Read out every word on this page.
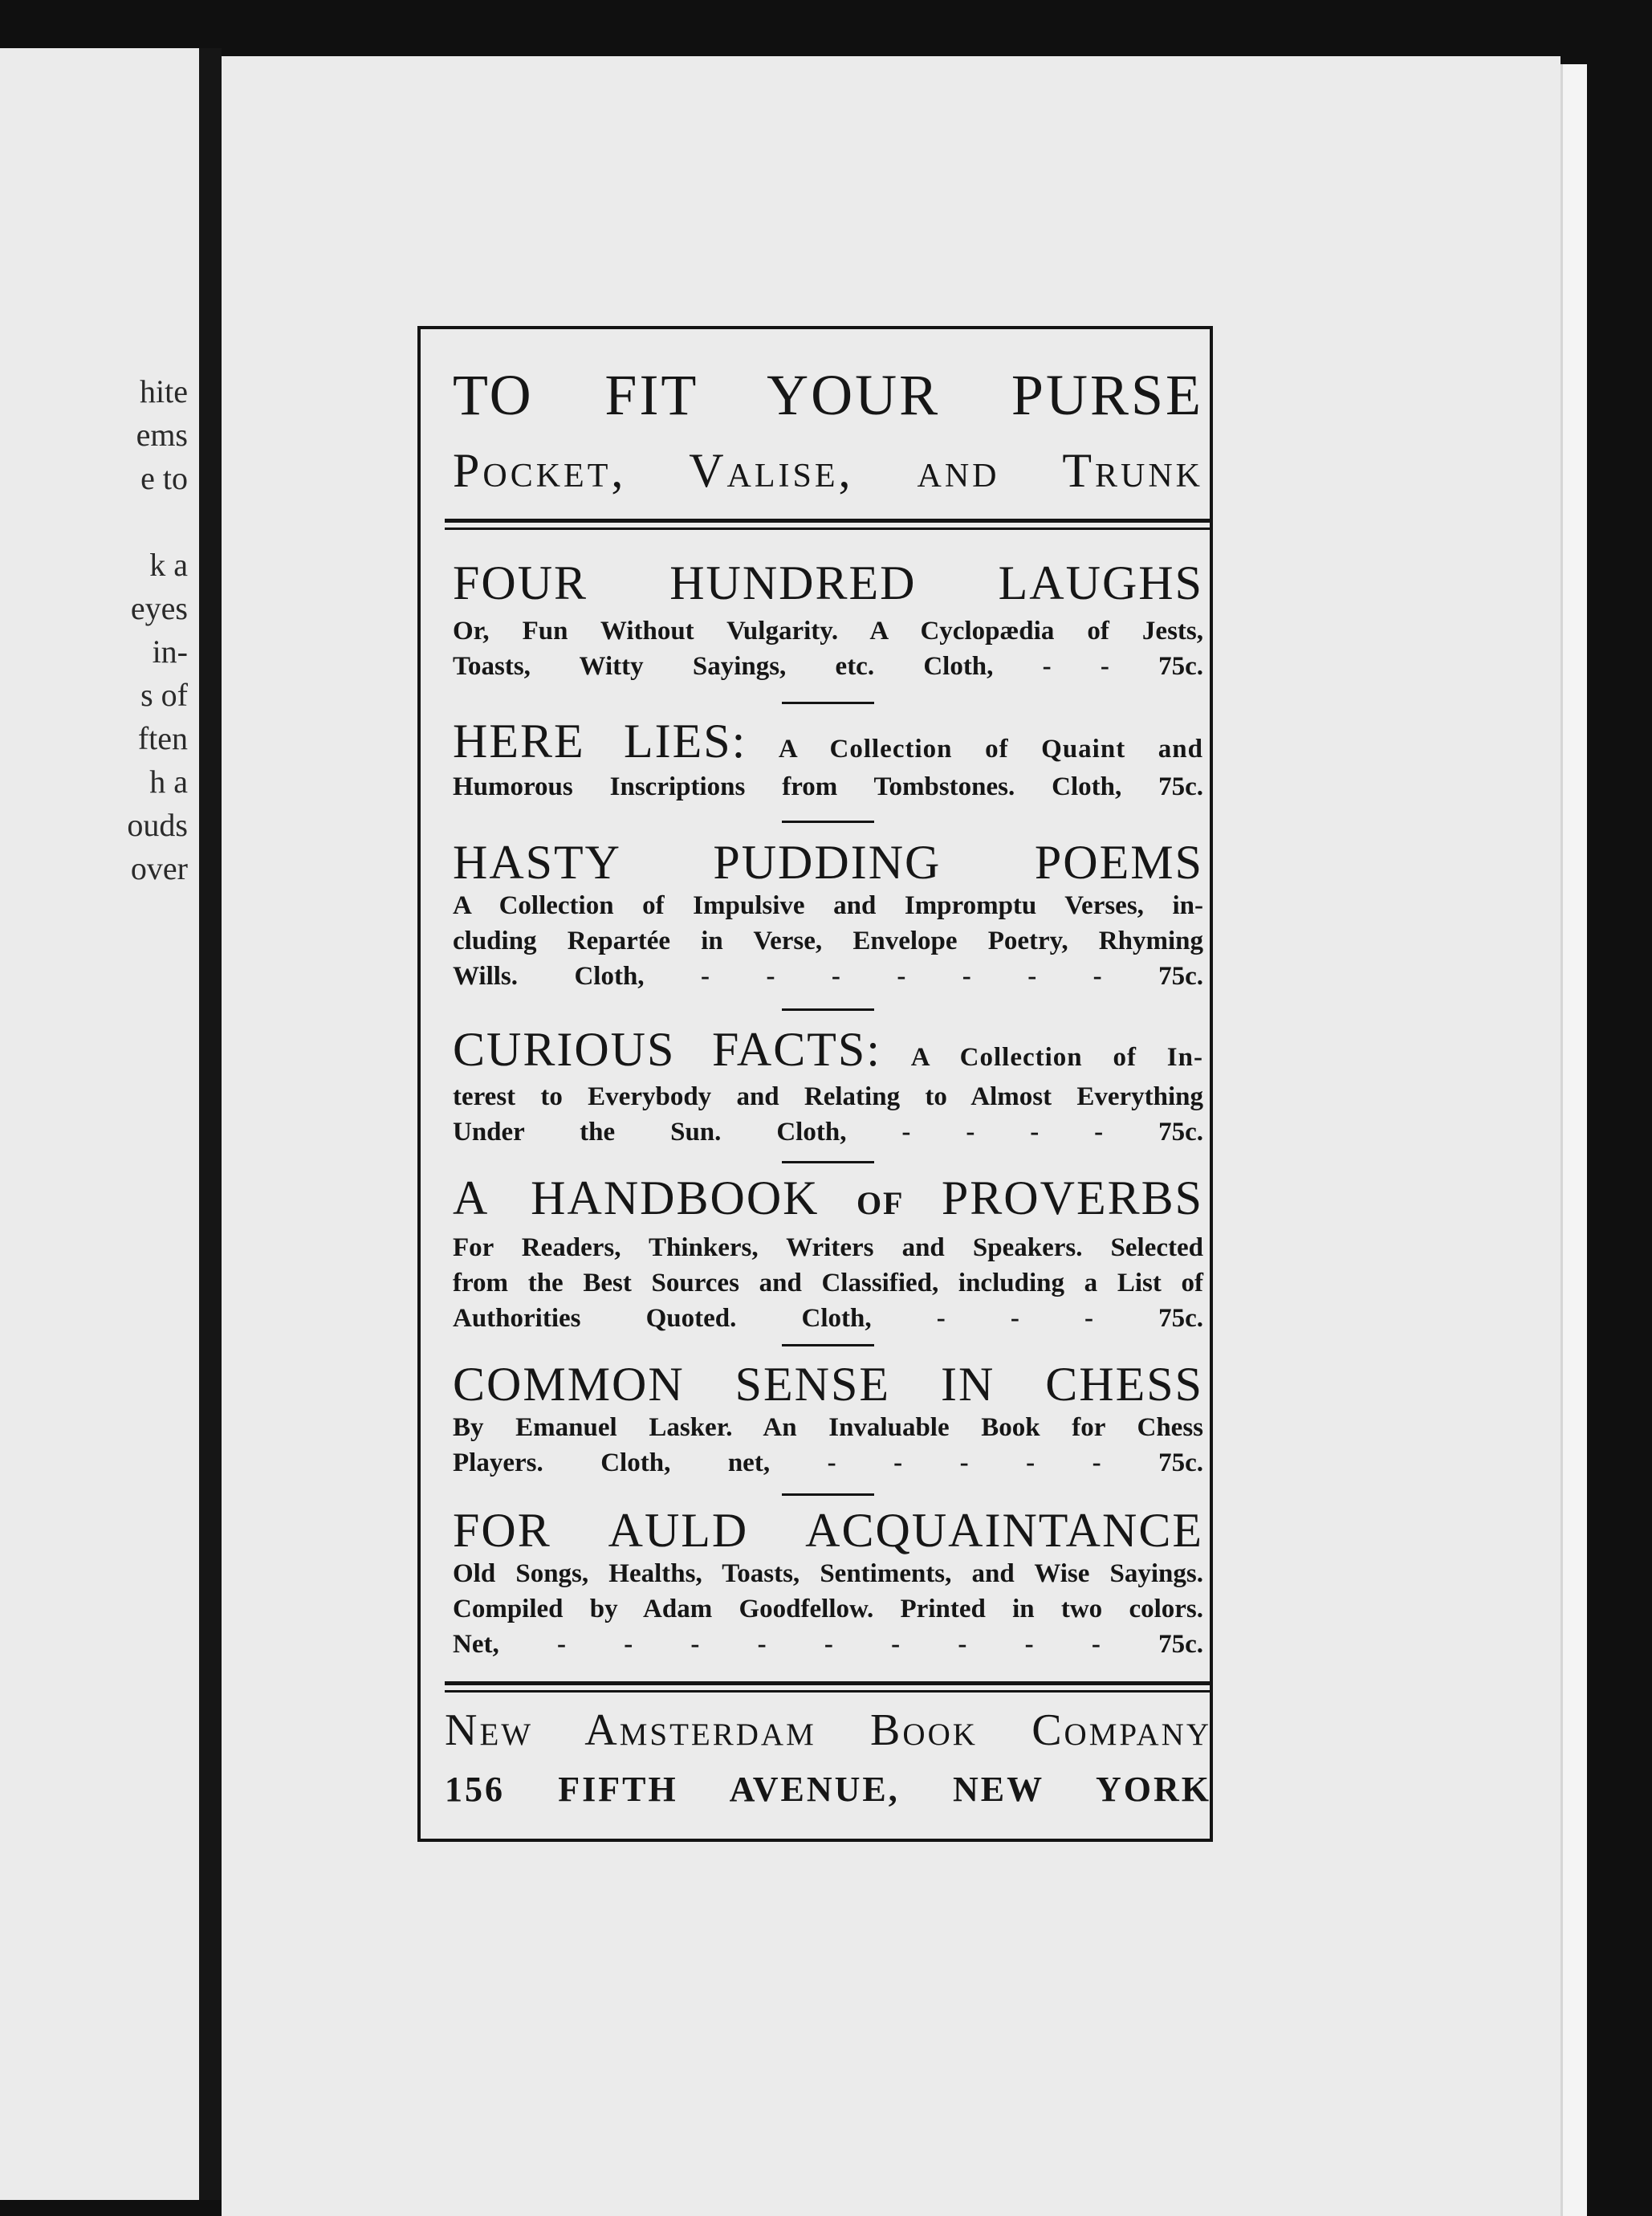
hite
ems
e to
k a
eyes
in-
s of
ften
h a
ouds
over
TO FIT YOUR PURSE
Pocket, Valise, and Trunk
FOUR HUNDRED LAUGHS
Or, Fun Without Vulgarity. A Cyclopædia of Jests,
Toasts, Witty Sayings, etc. Cloth, - - 75c.
HERE LIES: A Collection of Quaint and
Humorous Inscriptions from Tombstones. Cloth, 75c.
HASTY PUDDING POEMS
A Collection of Impulsive and Impromptu Verses, in-
cluding Repartée in Verse, Envelope Poetry, Rhyming
Wills. Cloth, - - - - - - - 75c.
CURIOUS FACTS: A Collection of In-
terest to Everybody and Relating to Almost Everything
Under the Sun. Cloth, - - - - 75c.
A HANDBOOK OF PROVERBS
For Readers, Thinkers, Writers and Speakers. Selected
from the Best Sources and Classified, including a List of
Authorities Quoted. Cloth, - - - 75c.
COMMON SENSE IN CHESS
By Emanuel Lasker. An Invaluable Book for Chess
Players. Cloth, net, - - - - - 75c.
FOR AULD ACQUAINTANCE
Old Songs, Healths, Toasts, Sentiments, and Wise Sayings.
Compiled by Adam Goodfellow. Printed in two colors.
Net, - - - - - - - - - 75c.
New Amsterdam Book Company
156 FIFTH AVENUE, NEW YORK
